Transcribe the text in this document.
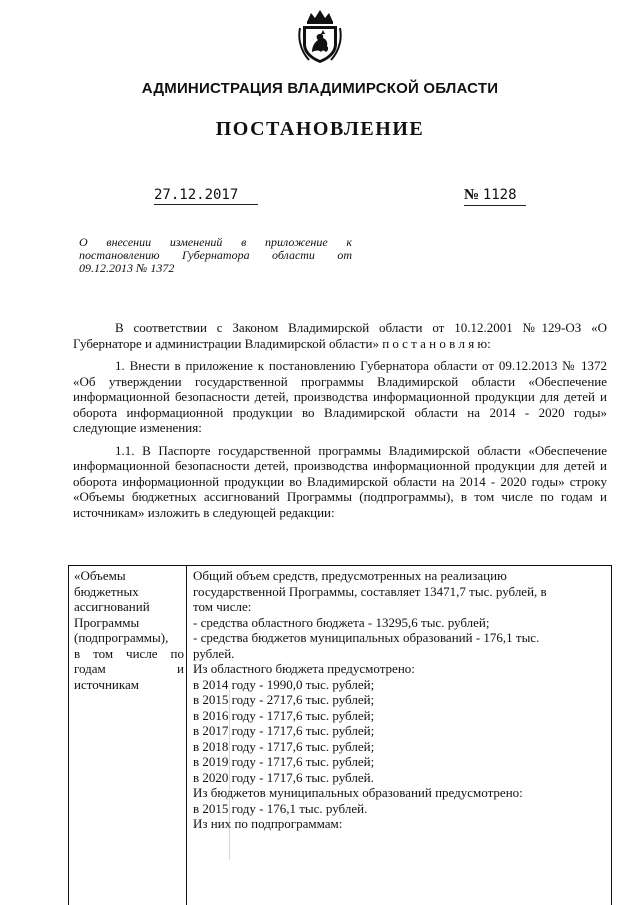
АДМИНИСТРАЦИЯ ВЛАДИМИРСКОЙ ОБЛАСТИ
ПОСТАНОВЛЕНИЕ
27.12.2017	№ 1128
О внесении изменений в приложение к
постановлению Губернатора области от
09.12.2013 № 1372

В соответствии с Законом Владимирской области от 10.12.2001 №129-ОЗ «О Губернаторе и администрации Владимирской области» п о с т а н о в л я ю:

1. Внести в приложение к постановлению Губернатора области от 09.12.2013 № 1372 «Об утверждении государственной программы Владимирской области «Обеспечение информационной безопасности детей, производства информационной продукции для детей и оборота информационной продукции во Владимирской области на 2014 - 2020 годы» следующие изменения:

1.1. В Паспорте государственной программы Владимирской области «Обеспечение информационной безопасности детей, производства информационной продукции для детей и оборота информационной продукции во Владимирской области на 2014 - 2020 годы» строку «Объемы бюджетных ассигнований Программы (подпрограммы), в том числе по годам и источникам» изложить в следующей редакции:

«Объемы
бюджетных
ассигнований
Программы
(подпрограммы),
в том числе по
годам и
источникам
Общий объем средств, предусмотренных на реализацию
государственной Программы, составляет 13471,7 тыс. рублей, в
том числе:
- средства областного бюджета - 13295,6 тыс. рублей;
- средства бюджетов муниципальных образований - 176,1 тыс.
рублей.
Из областного бюджета предусмотрено:
в 2014 году - 1990,0 тыс. рублей;
в 2015 году - 2717,6 тыс. рублей;
в 2016 году - 1717,6 тыс. рублей;
в 2017 году - 1717,6 тыс. рублей;
в 2018 году - 1717,6 тыс. рублей;
в 2019 году - 1717,6 тыс. рублей;
в 2020 году - 1717,6 тыс. рублей.
Из бюджетов муниципальных образований предусмотрено:
в 2015 году - 176,1 тыс. рублей.
Из них по подпрограммам:
